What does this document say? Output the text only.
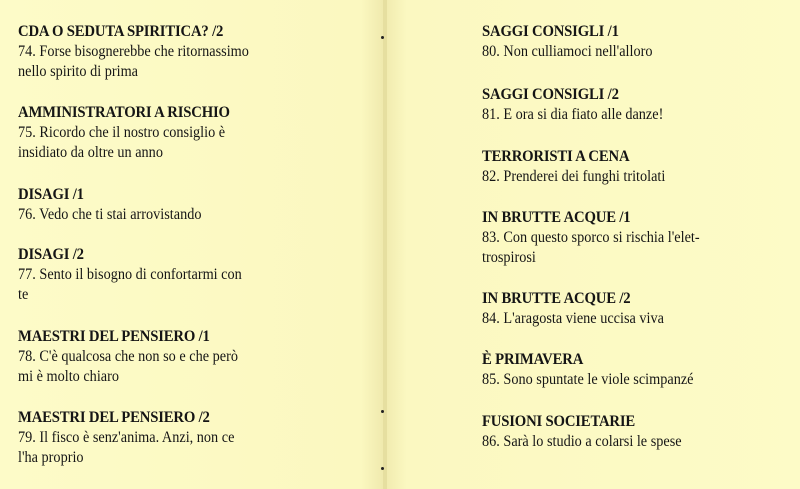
CDA O SEDUTA SPIRITICA? /2

74. Forse bisognerebbe che ritornassimo

nello spirito di prima

AMMINISTRATORI A RISCHIO

75. Ricordo che il nostro consiglio è

insidiato da oltre un anno

DISAGI /1

76. Vedo che ti stai arrovistando

DISAGI /2

77. Sento il bisogno di confortarmi con

te

MAESTRI DEL PENSIERO /1

78. C'è qualcosa che non so e che però

mi è molto chiaro

MAESTRI DEL PENSIERO /2

79. Il fisco è senz'anima. Anzi, non ce

l'ha proprio

SAGGI CONSIGLI /1

80. Non culliamoci nell'alloro

SAGGI CONSIGLI /2

81. E ora si dia fiato alle danze!

TERRORISTI A CENA

82. Prenderei dei funghi tritolati

IN BRUTTE ACQUE /1

83. Con questo sporco si rischia l'elet-

trospirosi

IN BRUTTE ACQUE /2

84. L'aragosta viene uccisa viva

È PRIMAVERA

85. Sono spuntate le viole scimpanzé

FUSIONI SOCIETARIE

86. Sarà lo studio a colarsi le spese
